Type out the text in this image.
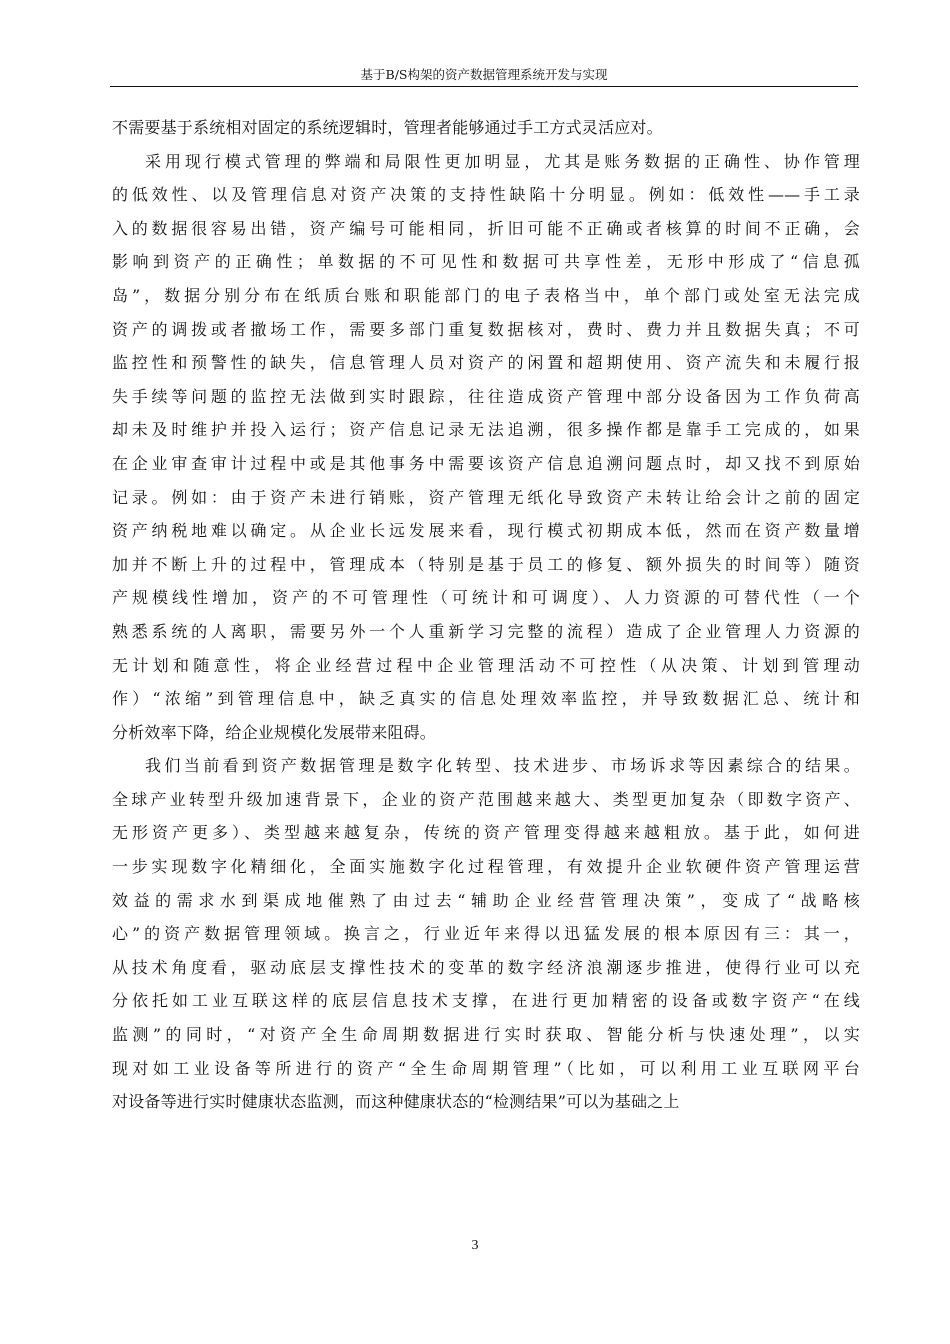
基于B/S构架的资产数据管理系统开发与实现
不需要基于系统相对固定的系统逻辑时，管理者能够通过手工方式灵活应对。
采用现行模式管理的弊端和局限性更加明显，尤其是账务数据的正确性、协作管理
的低效性、以及管理信息对资产决策的支持性缺陷十分明显。例如：低效性——手工录
入的数据很容易出错，资产编号可能相同，折旧可能不正确或者核算的时间不正确，会
影响到资产的正确性；单数据的不可见性和数据可共享性差，无形中形成了“信息孤
岛”，数据分别分布在纸质台账和职能部门的电子表格当中，单个部门或处室无法完成
资产的调拨或者撤场工作，需要多部门重复数据核对，费时、费力并且数据失真；不可
监控性和预警性的缺失，信息管理人员对资产的闲置和超期使用、资产流失和未履行报
失手续等问题的监控无法做到实时跟踪，往往造成资产管理中部分设备因为工作负荷高
却未及时维护并投入运行；资产信息记录无法追溯，很多操作都是靠手工完成的，如果
在企业审查审计过程中或是其他事务中需要该资产信息追溯问题点时，却又找不到原始
记录。例如：由于资产未进行销账，资产管理无纸化导致资产未转让给会计之前的固定
资产纳税地难以确定。从企业长远发展来看，现行模式初期成本低，然而在资产数量增
加并不断上升的过程中，管理成本（特别是基于员工的修复、额外损失的时间等）随资
产规模线性增加，资产的不可管理性（可统计和可调度）、人力资源的可替代性（一个
熟悉系统的人离职，需要另外一个人重新学习完整的流程）造成了企业管理人力资源的
无计划和随意性，将企业经营过程中企业管理活动不可控性（从决策、计划到管理动
作）“浓缩”到管理信息中，缺乏真实的信息处理效率监控，并导致数据汇总、统计和
分析效率下降，给企业规模化发展带来阻碍。
我们当前看到资产数据管理是数字化转型、技术进步、市场诉求等因素综合的结果。
全球产业转型升级加速背景下，企业的资产范围越来越大、类型更加复杂（即数字资产、
无形资产更多）、类型越来越复杂，传统的资产管理变得越来越粗放。基于此，如何进
一步实现数字化精细化，全面实施数字化过程管理，有效提升企业软硬件资产管理运营
效益的需求水到渠成地催熟了由过去“辅助企业经营管理决策”，变成了“战略核
心”的资产数据管理领域。换言之，行业近年来得以迅猛发展的根本原因有三：其一，
从技术角度看，驱动底层支撑性技术的变革的数字经济浪潮逐步推进，使得行业可以充
分依托如工业互联这样的底层信息技术支撑，在进行更加精密的设备或数字资产“在线
监测”的同时，“对资产全生命周期数据进行实时获取、智能分析与快速处理”，以实
现对如工业设备等所进行的资产“全生命周期管理”（比如，可以利用工业互联网平台
对设备等进行实时健康状态监测，而这种健康状态的“检测结果”可以为基础之上
3
